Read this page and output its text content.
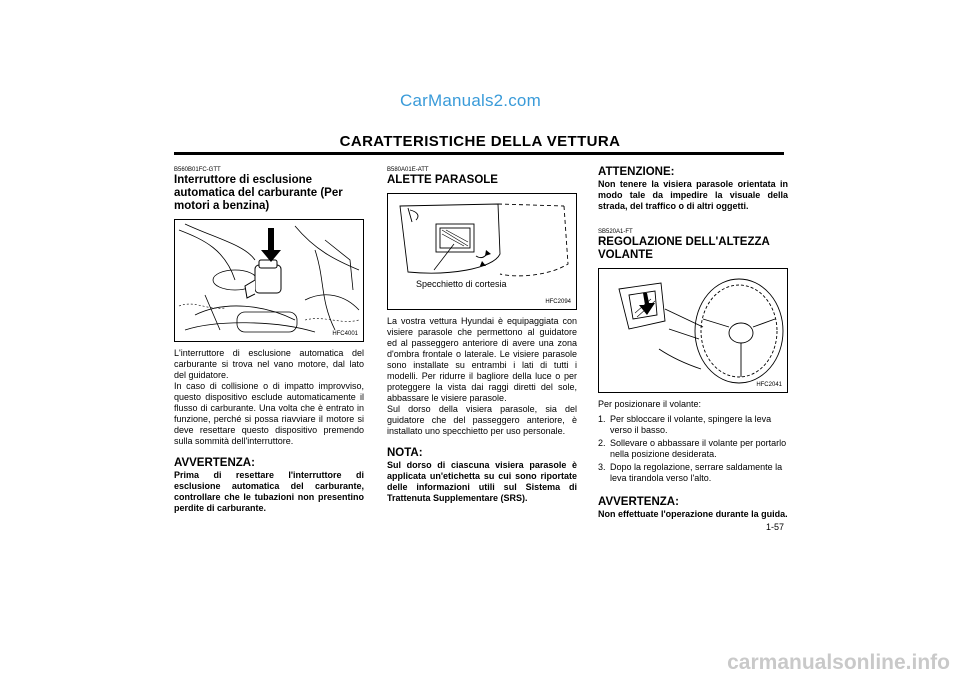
CarManuals2.com
CARATTERISTICHE DELLA VETTURA

B560B01FC-GTT

Interruttore di esclusione automatica del carburante (Per motori a benzina)

HFC4001

L'interruttore di esclusione automatica del carburante si trova nel vano motore, dal lato del guidatore.
In caso di collisione o di impatto improvviso, questo dispositivo esclude automaticamente il flusso di carburante. Una volta che è entrato in funzione, perché si possa riavviare il motore si deve resettare questo dispositivo premendo sulla sommità dell'interruttore.

AVVERTENZA:

Prima di resettare l'interruttore di esclusione automatica del carburante, controllare che le tubazioni non presentino perdite di carburante.

B580A01E-ATT

ALETTE PARASOLE

Specchietto di cortesia
HFC2094

La vostra vettura Hyundai è equipaggiata con visiere parasole che permettono al guidatore ed al passeggero anteriore di avere una zona d'ombra frontale o laterale. Le visiere parasole sono installate su entrambi i lati di tutti i modelli. Per ridurre il bagliore della luce o per proteggere la vista dai raggi diretti del sole, abbassare le visiere parasole.
Sul dorso della visiera parasole, sia del guidatore che del passeggero anteriore, è installato uno specchietto per uso personale.

NOTA:

Sul dorso di ciascuna visiera parasole è applicata un'etichetta su cui sono riportate delle informazioni utili sul Sistema di Trattenuta Supplementare (SRS).

ATTENZIONE:

Non tenere la visiera parasole orientata in modo tale da impedire la visuale della strada, del traffico o di altri oggetti.

SB520A1-FT

REGOLAZIONE DELL'ALTEZZA VOLANTE

HFC2041

Per posizionare il volante:

1. Per sbloccare il volante, spingere la leva verso il basso.
2. Sollevare o abbassare il volante per portarlo nella posizione desiderata.
3. Dopo la regolazione, serrare saldamente la leva tirandola verso l'alto.

AVVERTENZA:

Non effettuate l'operazione durante la guida.

1-57
carmanualsonline.info
